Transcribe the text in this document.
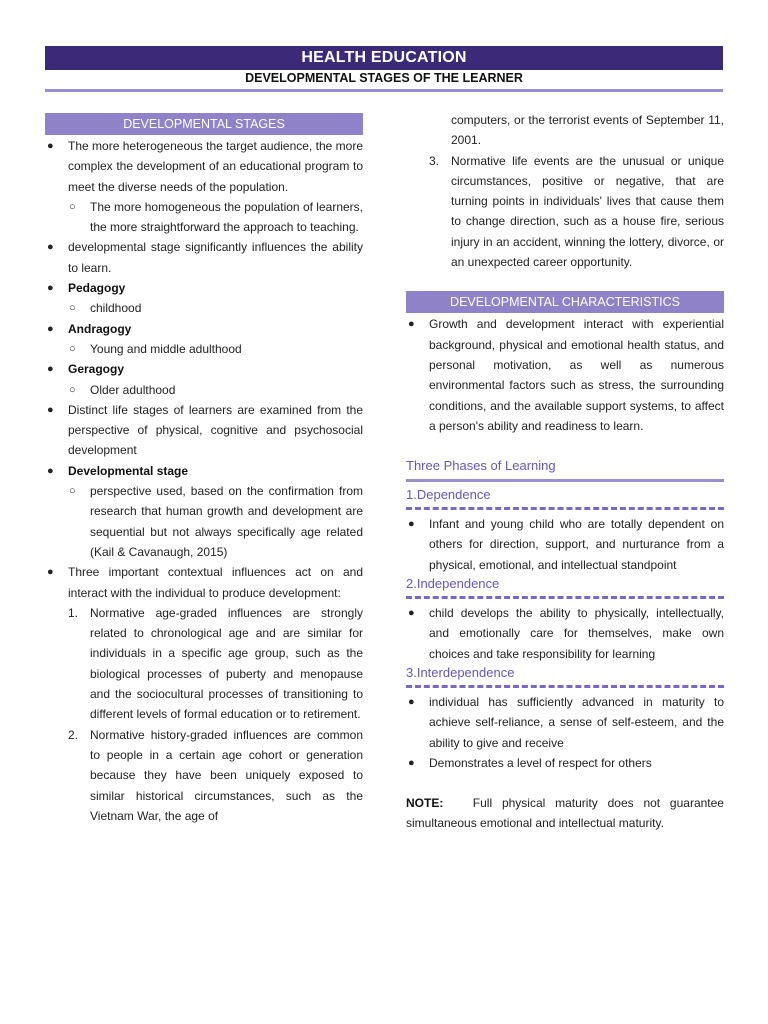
HEALTH EDUCATION
DEVELOPMENTAL STAGES OF THE LEARNER
DEVELOPMENTAL STAGES
● The more heterogeneous the target audience, the more complex the development of an educational program to meet the diverse needs of the population.
○ The more homogeneous the population of learners, the more straightforward the approach to teaching.
● developmental stage significantly influences the ability to learn.
● Pedagogy
○ childhood
● Andragogy
○ Young and middle adulthood
● Geragogy
○ Older adulthood
● Distinct life stages of learners are examined from the perspective of physical, cognitive and psychosocial development
● Developmental stage
○ perspective used, based on the confirmation from research that human growth and development are sequential but not always specifically age related (Kail & Cavanaugh, 2015)
● Three important contextual influences act on and interact with the individual to produce development:
1. Normative age-graded influences are strongly related to chronological age and are similar for individuals in a specific age group, such as the biological processes of puberty and menopause and the sociocultural processes of transitioning to different levels of formal education or to retirement.
2. Normative history-graded influences are common to people in a certain age cohort or generation because they have been uniquely exposed to similar historical circumstances, such as the Vietnam War, the age of
computers, or the terrorist events of September 11, 2001.
3. Normative life events are the unusual or unique circumstances, positive or negative, that are turning points in individuals' lives that cause them to change direction, such as a house fire, serious injury in an accident, winning the lottery, divorce, or an unexpected career opportunity.
DEVELOPMENTAL CHARACTERISTICS
● Growth and development interact with experiential background, physical and emotional health status, and personal motivation, as well as numerous environmental factors such as stress, the surrounding conditions, and the available support systems, to affect a person's ability and readiness to learn.
Three Phases of Learning
1.Dependence
● Infant and young child who are totally dependent on others for direction, support, and nurturance from a physical, emotional, and intellectual standpoint
2.Independence
● child develops the ability to physically, intellectually, and emotionally care for themselves, make own choices and take responsibility for learning
3.Interdependence
● individual has sufficiently advanced in maturity to achieve self-reliance, a sense of self-esteem, and the ability to give and receive
● Demonstrates a level of respect for others
NOTE: Full physical maturity does not guarantee simultaneous emotional and intellectual maturity.
